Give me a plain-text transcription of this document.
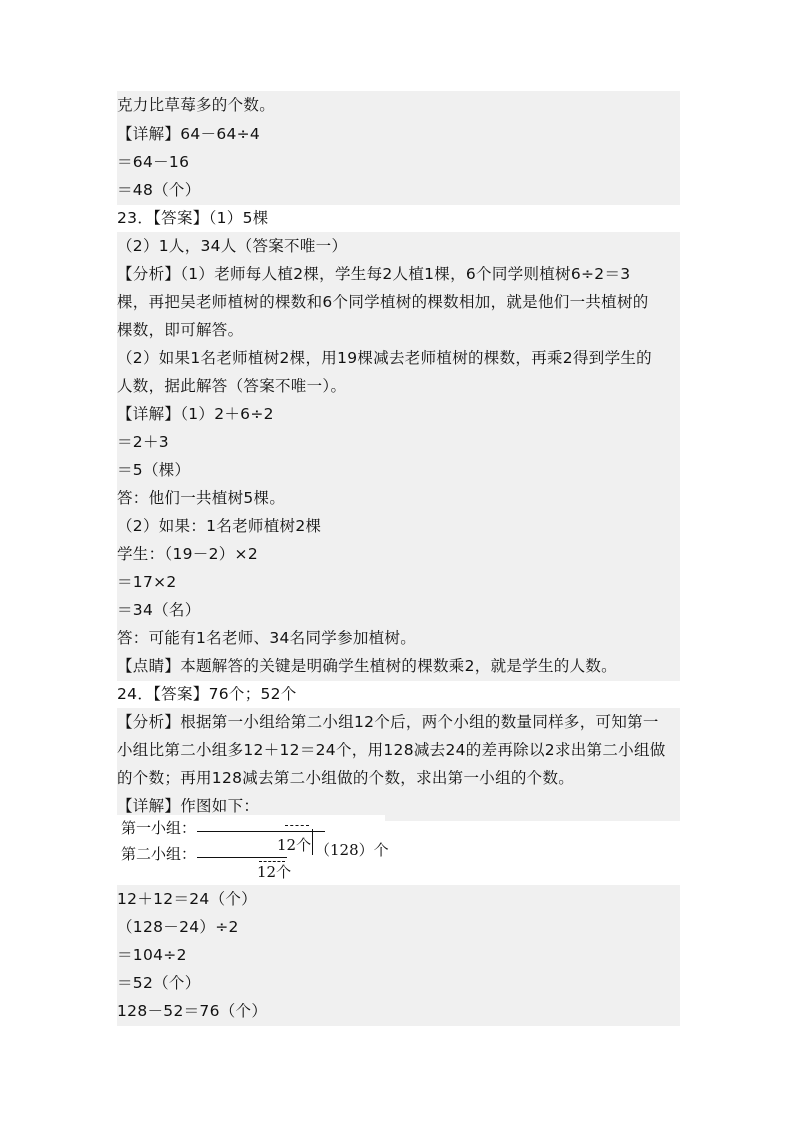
克力比草莓多的个数。
【详解】64－64÷4
＝64－16
＝48（个）
23．【答案】（1）5棵
（2）1人，34人（答案不唯一）
【分析】（1）老师每人植2棵，学生每2人植1棵，6个同学则植树6÷2＝3
棵，再把吴老师植树的棵数和6个同学植树的棵数相加，就是他们一共植树的
棵数，即可解答。
（2）如果1名老师植树2棵，用19棵减去老师植树的棵数，再乘2得到学生的
人数，据此解答（答案不唯一）。
【详解】（1）2＋6÷2
＝2＋3
＝5（棵）
答：他们一共植树5棵。
（2）如果：1名老师植树2棵
学生：（19－2）×2
＝17×2
＝34（名）
答：可能有1名老师、34名同学参加植树。
【点睛】本题解答的关键是明确学生植树的棵数乘2，就是学生的人数。
24．【答案】76个；52个
【分析】根据第一小组给第二小组12个后，两个小组的数量同样多，可知第一
小组比第二小组多12＋12＝24个，用128减去24的差再除以2求出第二小组做
的个数；再用128减去第二小组做的个数，求出第一小组的个数。
【详解】作图如下：
第一小组：
12个 （128）个
第二小组：
12个
12＋12＝24（个）
（128－24）÷2
＝104÷2
＝52（个）
128－52＝76（个）
